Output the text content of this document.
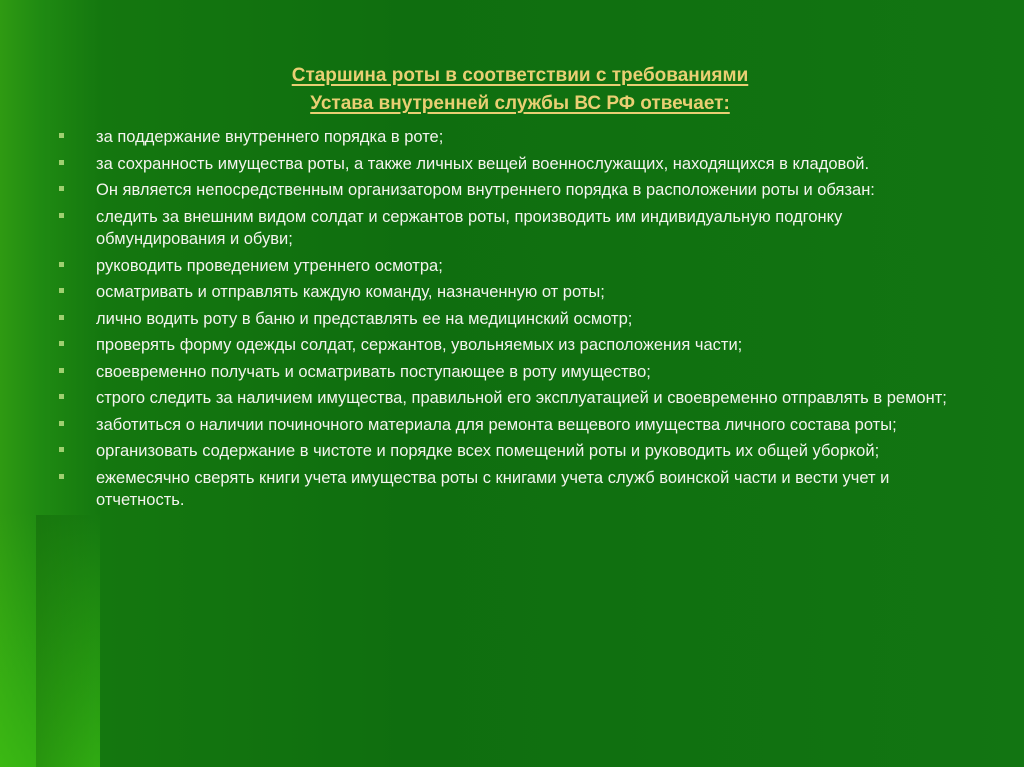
Старшина роты в соответствии с требованиями
Устава внутренней службы ВС РФ отвечает:
за поддержание внутреннего порядка в роте;
за сохранность имущества роты, а также личных вещей военнослужащих, находящихся в кладовой.
Он является непосредственным организатором внутреннего порядка в расположении роты и обязан:
следить за внешним видом солдат и сержантов роты, производить им индивидуальную подгонку обмундирования и обуви;
руководить проведением утреннего осмотра;
осматривать и отправлять каждую команду, назначенную от роты;
лично водить роту в баню и представлять ее на медицинский осмотр;
проверять форму одежды солдат, сержантов, увольняемых из расположения части;
своевременно получать и осматривать поступающее в роту имущество;
строго следить за наличием имущества, правильной его эксплуатацией и своевременно отправлять в ремонт;
заботиться о наличии починочного материала для ремонта вещевого имущества личного состава роты;
организовать содержание в чистоте и порядке всех помещений роты и руководить их общей уборкой;
ежемесячно сверять книги учета имущества роты с книгами учета служб воинской части и вести учет и отчетность.
